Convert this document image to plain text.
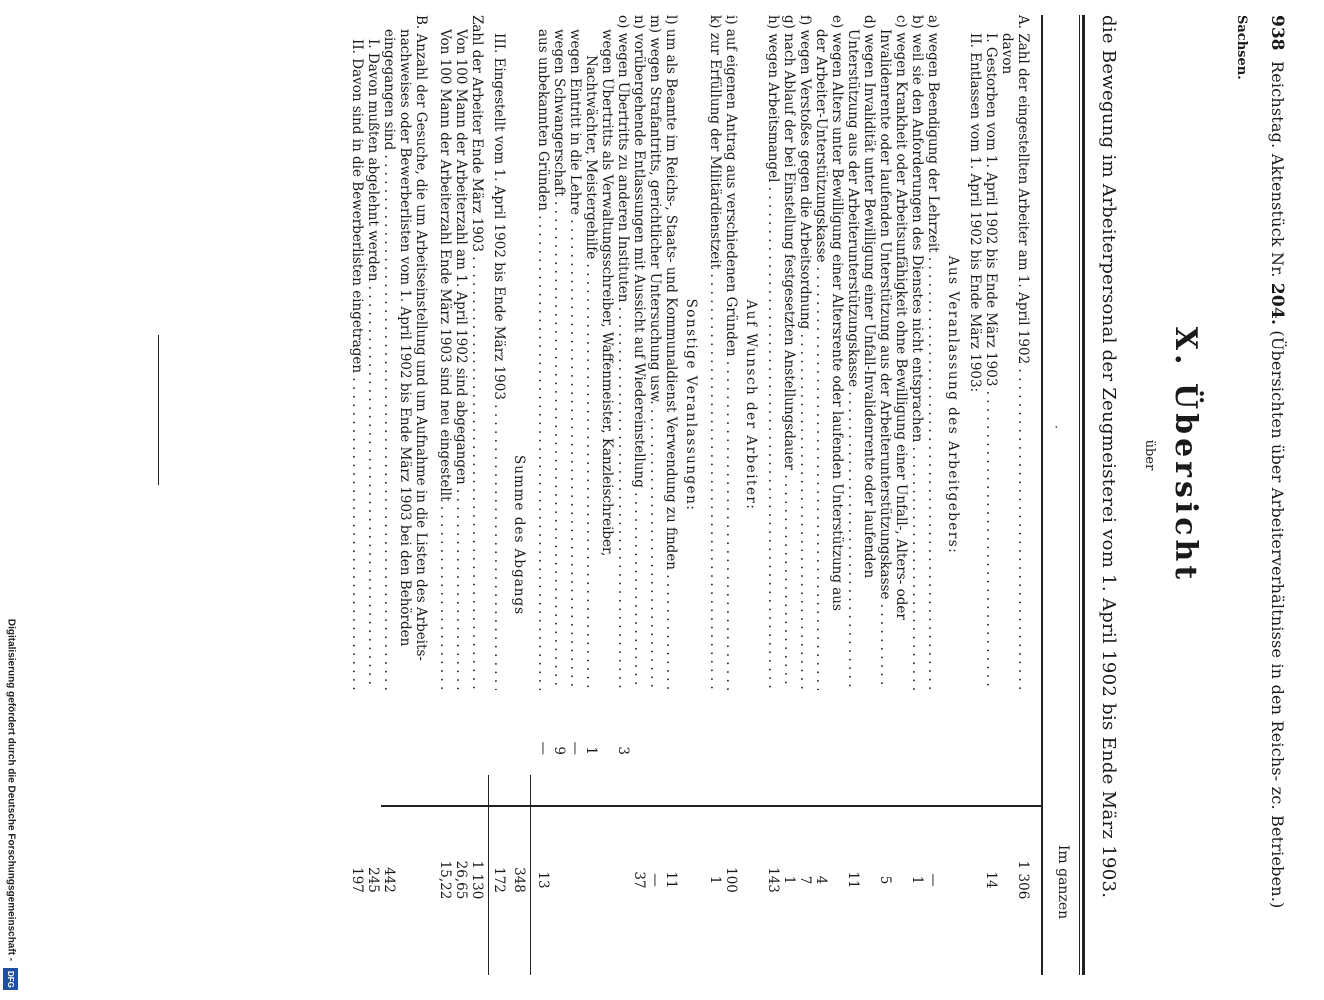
Digitalisierung gefördert durch die Deutsche Forschungsgemeinschaft -
DFG
938
Reichstag. Aktenstück Nr. 204. (Übersichten über Arbeiterverhältnisse in den Reichs- zc. Betrieben.)
Sachsen.
X. Übersicht
über
die Bewegung im Arbeiterpersonal der Zeugmeisterei vom 1. April 1902 bis Ende März 1903.
·
Im ganzen
A. Zahl der eingestellten Arbeiter am 1. April 1902 . . .
1 306
davon
I. Gestorben vom 1. April 1902 bis Ende März 1903 . . .
14
II. Entlassen vom 1. April 1902 bis Ende März 1903:
Aus Veranlassung des Arbeitgebers:
a) wegen Beendigung der Lehrzeit . . .
—
b) weil sie den Anforderungen des Dienstes nicht entsprachen . . .
1
c) wegen Krankheit oder Arbeitsunfähigkeit ohne Bewilligung einer Unfall-, Alters- oder
Invalidenrente oder laufenden Unterstützung aus der Arbeiterunterstützungskasse . . .
5
d) wegen Invalidität unter Bewilligung einer Unfall-Invalidenrente oder laufenden
Unterstützung aus der Arbeiterunterstützungskasse . . .
11
e) wegen Alters unter Bewilligung einer Altersrente oder laufenden Unterstützung aus
der Arbeiter-Unterstützungskasse . . .
4
f) wegen Verstoßes gegen die Arbeitsordnung . . .
7
g) nach Ablauf der bei Einstellung festgesetzten Anstellungsdauer . . .
1
h) wegen Arbeitsmangel . . .
143
Auf Wunsch der Arbeiter:
i) auf eigenen Antrag aus verschiedenen Gründen . . .
100
k) zur Erfüllung der Militärdienstzeit . . .
1
Sonstige Veranlassungen:
l) um als Beamte im Reichs-, Staats- und Kommunaldienst Verwendung zu finden . . .
11
m) wegen Strafantritts, gerichtlicher Untersuchung usw. . . .
—
n) vorübergehende Entlassungen mit Aussicht auf Wiedereinstellung . . .
37
o) wegen Übertritts zu anderen Instituten . . .
3
wegen Übertritts als Verwaltungsschreiber, Waffenmeister, Kanzleischreiber,
Nachtwächter, Meistergehilfe . . .
1
wegen Eintritt in die Lehre . . .
—
wegen Schwangerschaft . . .
9
aus unbekannten Gründen . . .
—
13
Summe des Abgangs
348
III. Eingestellt vom 1. April 1902 bis Ende März 1903 . . .
172
Zahl der Arbeiter Ende März 1903 . . .
1 130
Von 100 Mann der Arbeiterzahl am 1. April 1902 sind abgegangen . . .
26,65
Von 100 Mann der Arbeiterzahl Ende März 1903 sind neu eingestellt . . .
15,22
B. Anzahl der Gesuche, die um Arbeitseinstellung und um Aufnahme in die Listen des Arbeits-
nachweises oder Bewerberlisten vom 1. April 1902 bis Ende März 1903 bei den Behörden
eingegangen sind . . .
442
I. Davon mußten abgelehnt werden . . .
245
II. Davon sind in die Bewerberlisten eingetragen . . .
197
